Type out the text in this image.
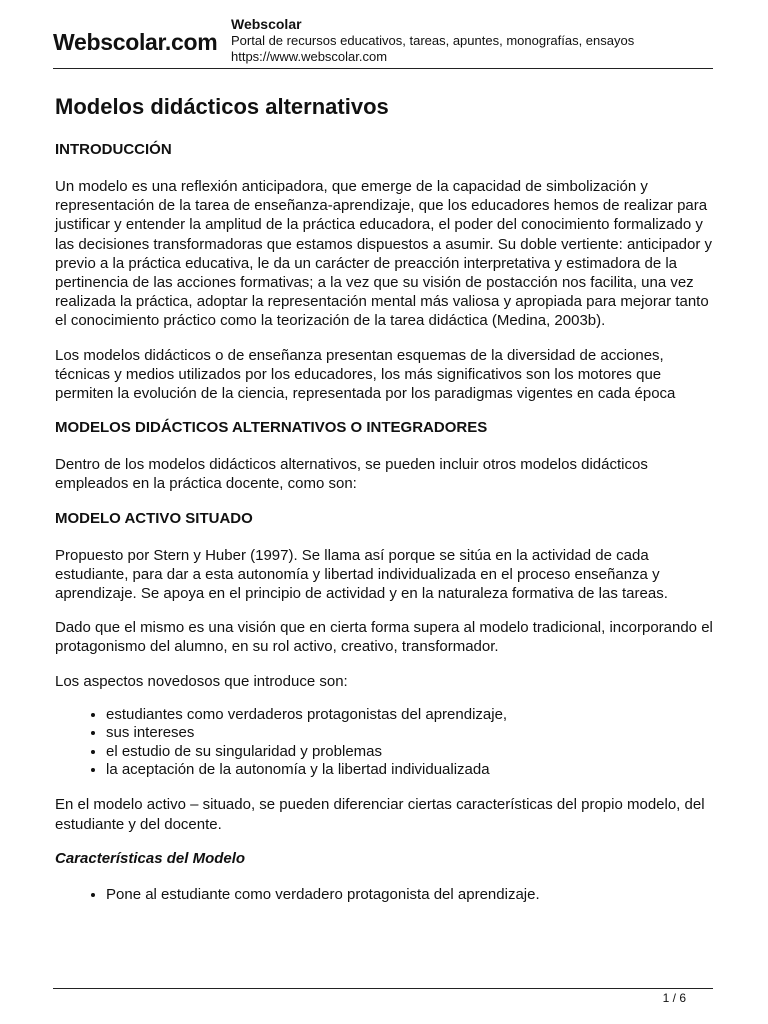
Webscolar.com
Webscolar
Portal de recursos educativos, tareas, apuntes, monografías, ensayos
https://www.webscolar.com
Modelos didácticos alternativos
INTRODUCCIÓN

Un modelo es una reflexión anticipadora, que emerge de la capacidad de simbolización y representación de la tarea de enseñanza-aprendizaje, que los educadores hemos de realizar para justificar y entender la amplitud de la práctica educadora, el poder del conocimiento formalizado y las decisiones transformadoras que estamos dispuestos a asumir. Su doble vertiente: anticipador y previo a la práctica educativa, le da un carácter de preacción interpretativa y estimadora de la pertinencia de las acciones formativas; a la vez que su visión de postacción nos facilita, una vez realizada la práctica, adoptar la representación mental más valiosa y apropiada para mejorar tanto el conocimiento práctico como la teorización de la tarea didáctica (Medina, 2003b).

Los modelos didácticos o de enseñanza presentan esquemas de la diversidad de acciones, técnicas y medios utilizados por los educadores, los más significativos son los motores que permiten la evolución de la ciencia, representada por los paradigmas vigentes en cada época

MODELOS DIDÁCTICOS ALTERNATIVOS O INTEGRADORES

Dentro de los modelos didácticos alternativos, se pueden incluir otros modelos didácticos empleados en la práctica docente, como son:

MODELO ACTIVO SITUADO

Propuesto por Stern y Huber (1997). Se llama así porque se sitúa en la actividad de cada estudiante, para dar a esta autonomía y libertad individualizada en el proceso enseñanza y aprendizaje. Se apoya en el principio de actividad y en la naturaleza formativa de las tareas.

Dado que el mismo es una visión que en cierta forma supera al modelo tradicional, incorporando el protagonismo del alumno, en su rol activo, creativo, transformador.

Los aspectos novedosos que introduce son:

• estudiantes como verdaderos protagonistas del aprendizaje,
• sus intereses
• el estudio de su singularidad y problemas
• la aceptación de la autonomía y la libertad individualizada

En el modelo activo – situado, se pueden diferenciar ciertas características del propio modelo, del estudiante y del docente.

Características del Modelo
• Pone al estudiante como verdadero protagonista del aprendizaje.
1 / 6
